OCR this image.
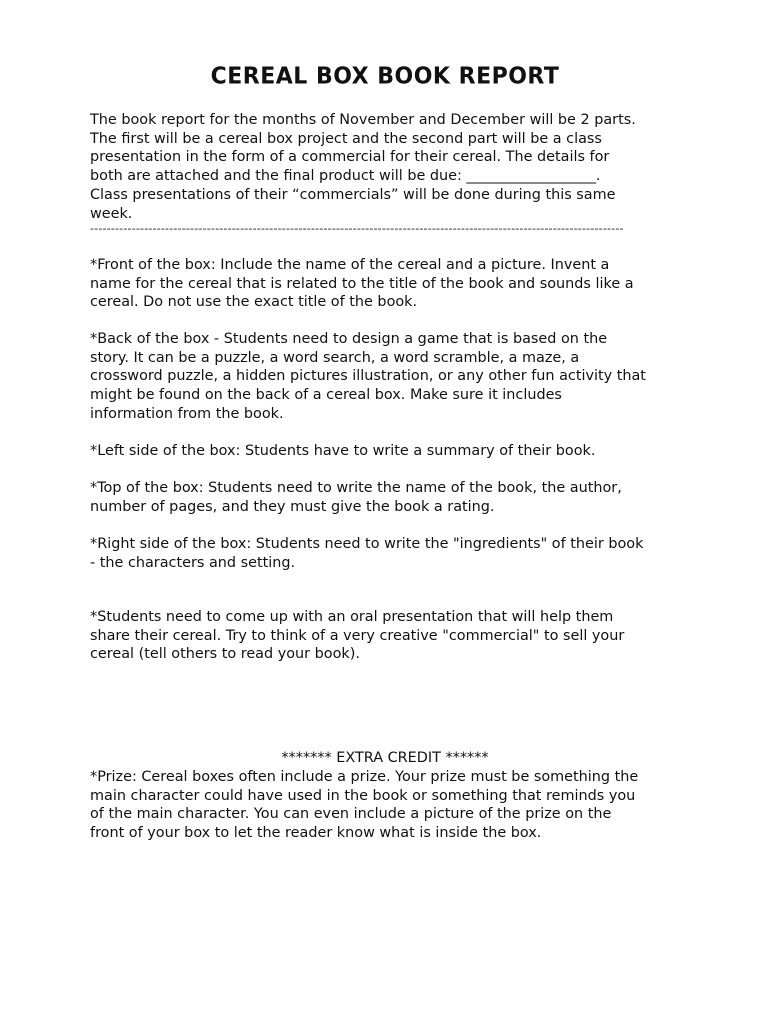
CEREAL BOX BOOK REPORT
The book report for the months of November and December will be 2 parts.
The first will be a cereal box project and the second part will be a class
presentation in the form of a commercial for their cereal. The details for
both are attached and the final product will be due: __________________.
Class presentations of their “commercials” will be done during this same
week.
--------------------------------------------------------------------------------------------------------------------------------
*Front of the box: Include the name of the cereal and a picture. Invent a
name for the cereal that is related to the title of the book and sounds like a
cereal. Do not use the exact title of the book.
*Back of the box - Students need to design a game that is based on the
story. It can be a puzzle, a word search, a word scramble, a maze, a
crossword puzzle, a hidden pictures illustration, or any other fun activity that
might be found on the back of a cereal box. Make sure it includes
information from the book.
*Left side of the box: Students have to write a summary of their book.
*Top of the box: Students need to write the name of the book, the author,
number of pages, and they must give the book a rating.
*Right side of the box: Students need to write the "ingredients" of their book
- the characters and setting.
*Students need to come up with an oral presentation that will help them
share their cereal. Try to think of a very creative "commercial" to sell your
cereal (tell others to read your book).
******* EXTRA CREDIT ******
*Prize: Cereal boxes often include a prize. Your prize must be something the
main character could have used in the book or something that reminds you
of the main character. You can even include a picture of the prize on the
front of your box to let the reader know what is inside the box.
